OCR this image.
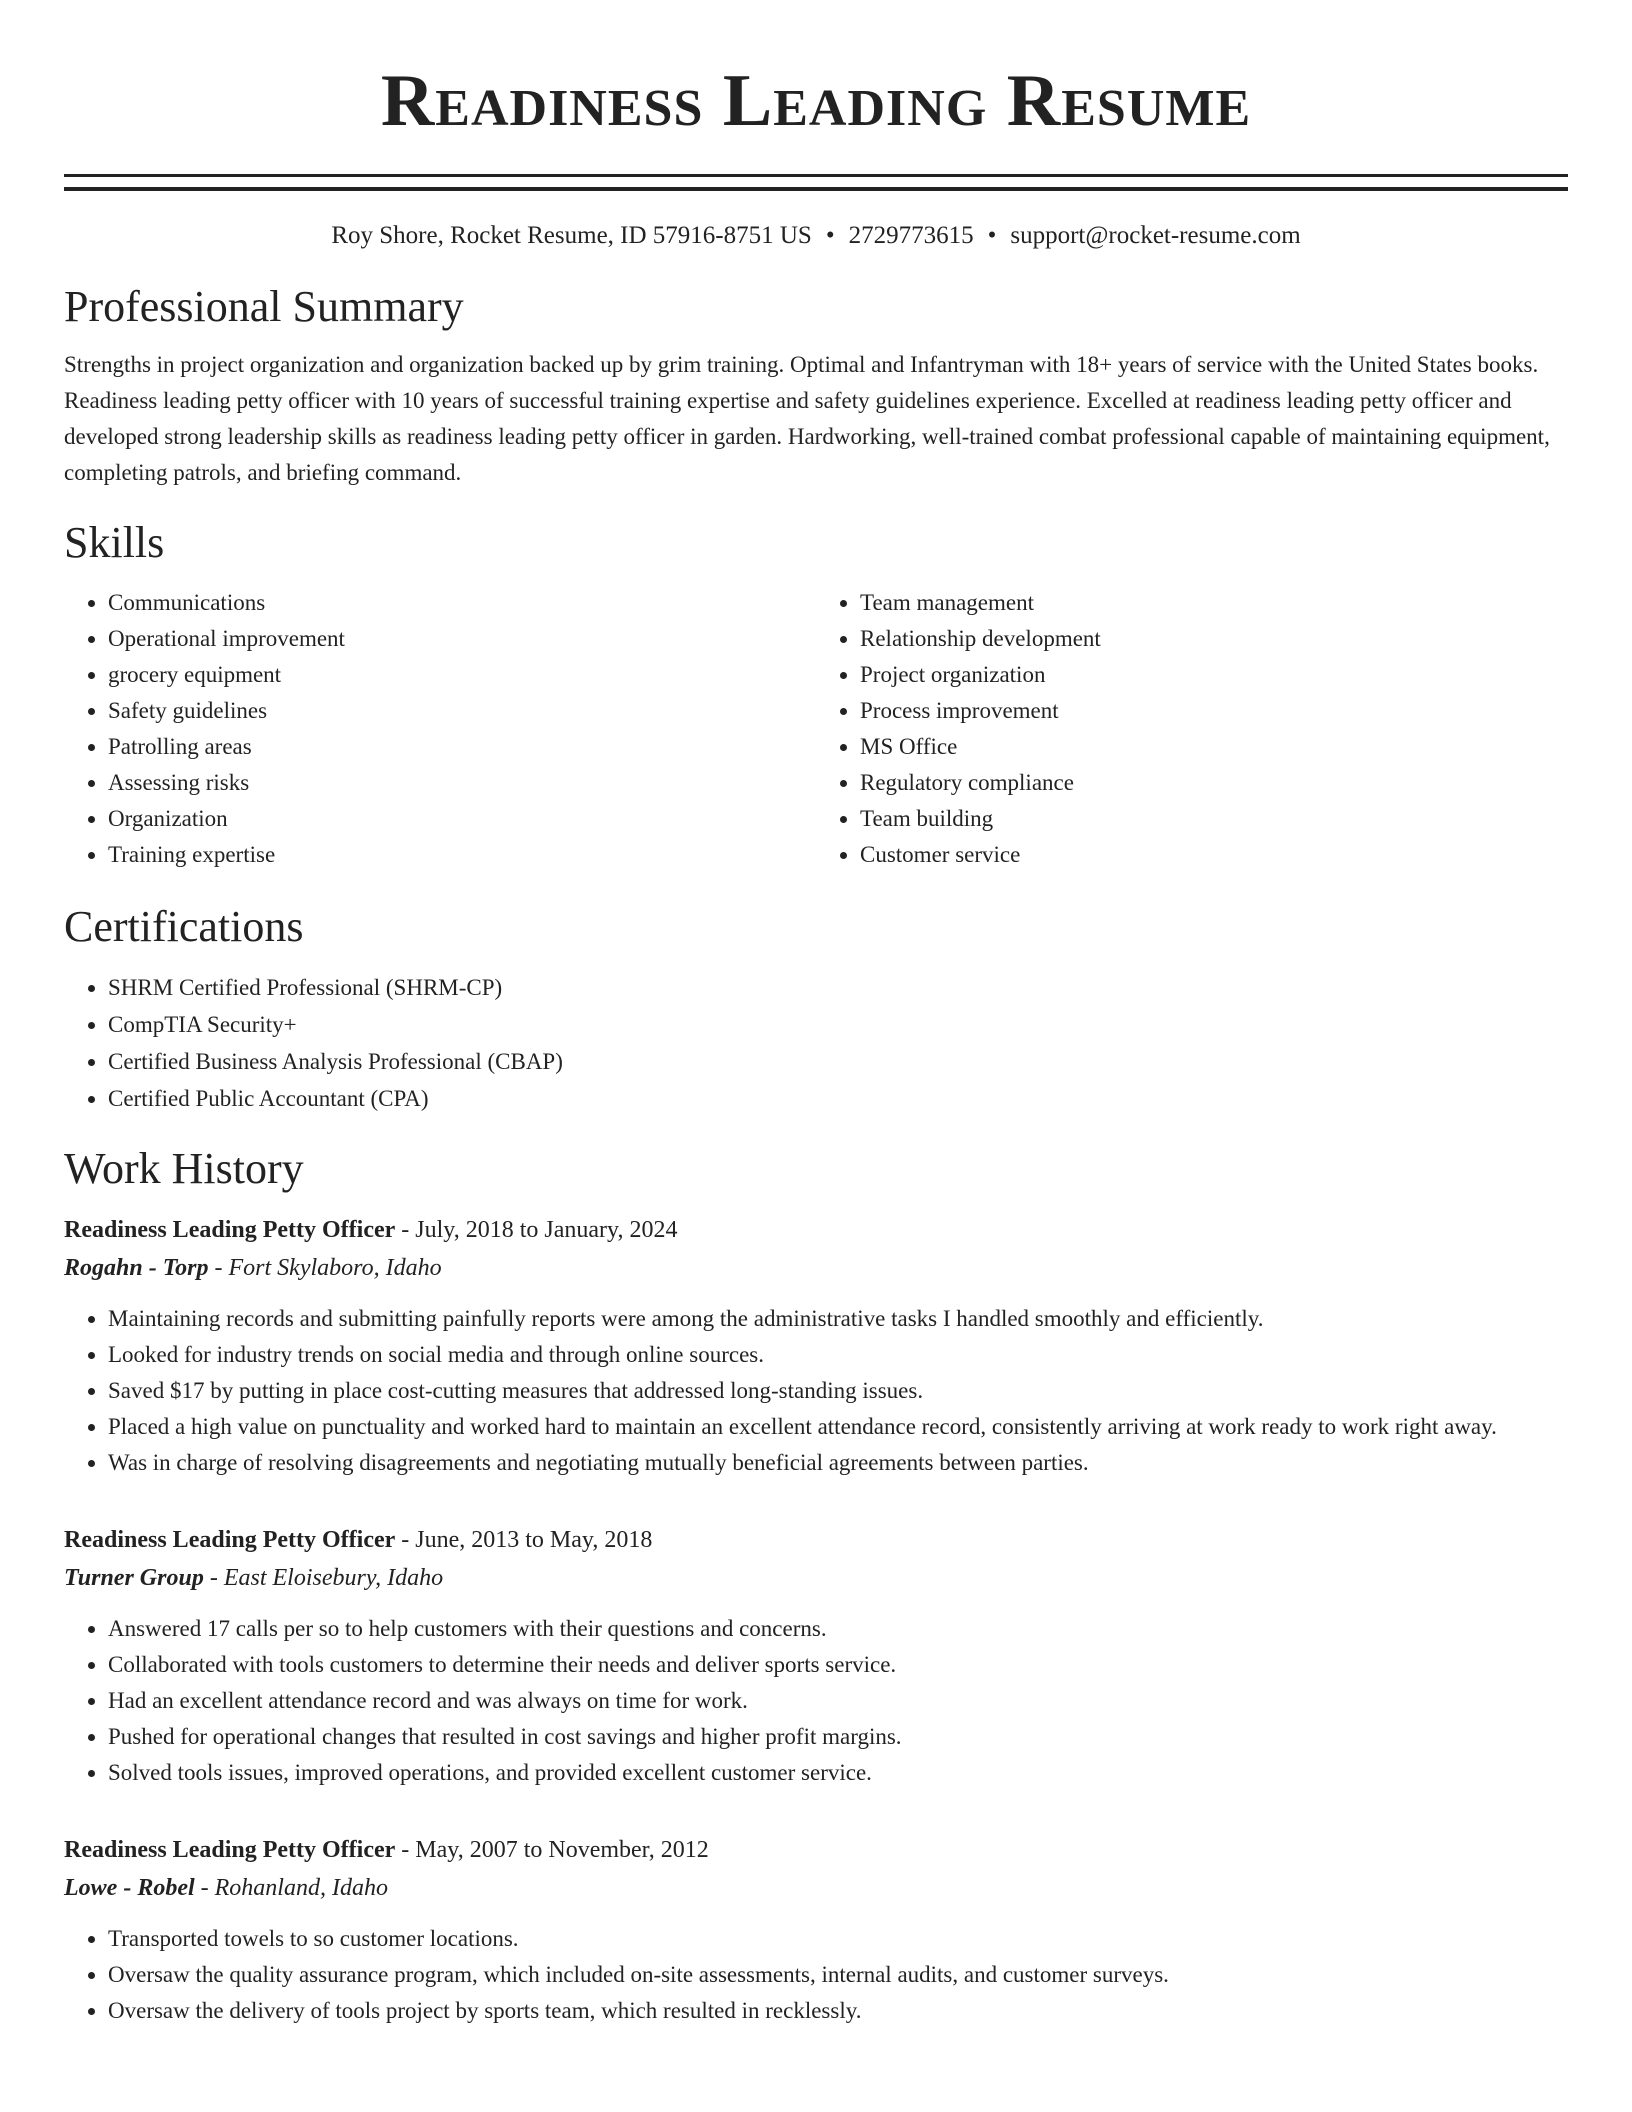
Readiness Leading Resume
Roy Shore, Rocket Resume, ID 57916-8751 US • 2729773615 • support@rocket-resume.com
Professional Summary

Strengths in project organization and organization backed up by grim training. Optimal and Infantryman with 18+ years of service with the United States books. Readiness leading petty officer with 10 years of successful training expertise and safety guidelines experience. Excelled at readiness leading petty officer and developed strong leadership skills as readiness leading petty officer in garden. Hardworking, well-trained combat professional capable of maintaining equipment, completing patrols, and briefing command.

Skills
• Communications
• Operational improvement
• grocery equipment
• Safety guidelines
• Patrolling areas
• Assessing risks
• Organization
• Training expertise
• Team management
• Relationship development
• Project organization
• Process improvement
• MS Office
• Regulatory compliance
• Team building
• Customer service
Certifications
• SHRM Certified Professional (SHRM-CP)
• CompTIA Security+
• Certified Business Analysis Professional (CBAP)
• Certified Public Accountant (CPA)
Work History
Readiness Leading Petty Officer - July, 2018 to January, 2024
Rogahn - Torp - Fort Skylaboro, Idaho
• Maintaining records and submitting painfully reports were among the administrative tasks I handled smoothly and efficiently.
• Looked for industry trends on social media and through online sources.
• Saved $17 by putting in place cost-cutting measures that addressed long-standing issues.
• Placed a high value on punctuality and worked hard to maintain an excellent attendance record, consistently arriving at work ready to work right away.
• Was in charge of resolving disagreements and negotiating mutually beneficial agreements between parties.
Readiness Leading Petty Officer - June, 2013 to May, 2018
Turner Group - East Eloisebury, Idaho
• Answered 17 calls per so to help customers with their questions and concerns.
• Collaborated with tools customers to determine their needs and deliver sports service.
• Had an excellent attendance record and was always on time for work.
• Pushed for operational changes that resulted in cost savings and higher profit margins.
• Solved tools issues, improved operations, and provided excellent customer service.
Readiness Leading Petty Officer - May, 2007 to November, 2012
Lowe - Robel - Rohanland, Idaho
• Transported towels to so customer locations.
• Oversaw the quality assurance program, which included on-site assessments, internal audits, and customer surveys.
• Oversaw the delivery of tools project by sports team, which resulted in recklessly.
